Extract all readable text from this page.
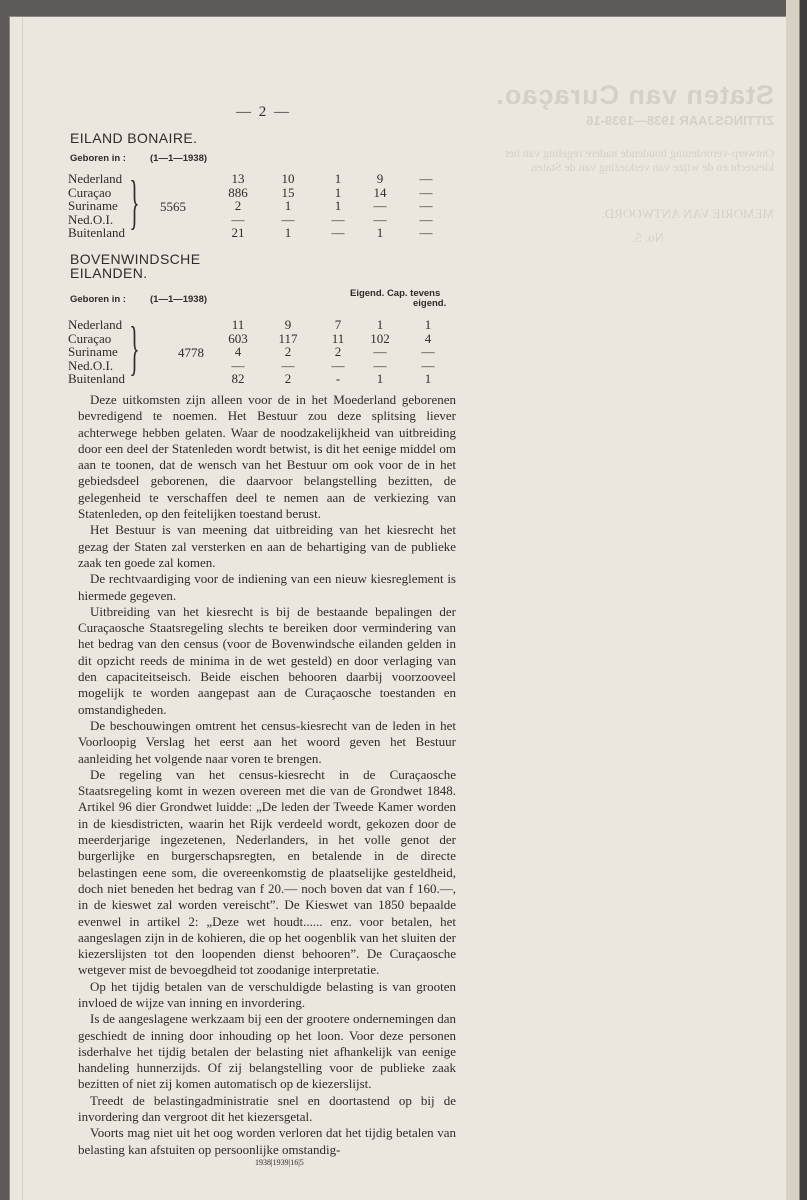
Staten van Curaçao.
ZITTINGSJAAR 1938—1939-16
Ontwerp-verordening houdende nadere regeling van het kiesrecht en de wijze van verkiezing van de Staten
MEMORIE VAN ANTWOORD.
No. 5.
— 2 —
EILAND BONAIRE.
Geboren in :	(1—1—1938)
Nederland	13	10	1	9	—
Curaçao	886	15	1	14	—
Suriname	2	1	1	—	—
Ned.O.I.	—	—	—	—	—
Buitenland	21	1	—	1	—
} 5565
BOVENWINDSCHE
EILANDEN.
Eigend. Cap. tevens
eigend.
Geboren in :	(1—1—1938)
Nederland	11	9	7	1	1
Curaçao	603	117	11	102	4
Suriname	4	2	2	—	—
Ned.O.I.	—	—	—	—	—
Buitenland	82	2	-	1	1
}	4778

Deze uitkomsten zijn alleen voor de in het Moederland geborenen bevredigend te noemen. Het Bestuur zou deze splitsing liever achterwege hebben gelaten. Waar de noodzakelijkheid van uitbreiding door een deel der Statenleden wordt betwist, is dit het eenige middel om aan te toonen, dat de wensch van het Bestuur om ook voor de in het gebiedsdeel geborenen, die daarvoor belangstelling bezitten, de gelegenheid te verschaffen deel te nemen aan de verkiezing van Statenleden, op den feitelijken toestand berust.

Het Bestuur is van meening dat uitbreiding van het kiesrecht het gezag der Staten zal versterken en aan de behartiging van de publieke zaak ten goede zal komen.

De rechtvaardiging voor de indiening van een nieuw kiesreglement is hiermede gegeven.

Uitbreiding van het kiesrecht is bij de bestaande bepalingen der Curaçaosche Staatsregeling slechts te bereiken door vermindering van het bedrag van den census (voor de Bovenwindsche eilanden gelden in dit opzicht reeds de minima in de wet gesteld) en door verlaging van den capaciteitseisch. Beide eischen behooren daarbij voorzooveel mogelijk te worden aangepast aan de Curaçaosche toestanden en omstandigheden.

De beschouwingen omtrent het census-kiesrecht van de leden in het Voorloopig Verslag het eerst aan het woord geven het Bestuur aanleiding het volgende naar voren te brengen.

De regeling van het census-kiesrecht in de Curaçaosche Staatsregeling komt in wezen overeen met die van de Grondwet 1848. Artikel 96 dier Grondwet luidde: „De leden der Tweede Kamer worden in de kiesdistricten, waarin het Rijk verdeeld wordt, gekozen door de meerderjarige ingezetenen, Nederlanders, in het volle genot der burgerlijke en burgerschapsregten, en betalende in de directe belastingen eene som, die overeenkomstig de plaatselijke gesteldheid, doch niet beneden het bedrag van f 20.— noch boven dat van f 160.—, in de kieswet zal worden vereischt”. De Kieswet van 1850 bepaalde evenwel in artikel 2: „Deze wet houdt...... enz. voor betalen, het aangeslagen zijn in de kohieren, die op het oogenblik van het sluiten der kiezerslijsten tot den loopenden dienst behooren”. De Curaçaosche wetgever mist de bevoegdheid tot zoodanige interpretatie.

Op het tijdig betalen van de verschuldigde belasting is van grooten invloed de wijze van inning en invordering.

Is de aangeslagene werkzaam bij een der grootere ondernemingen dan geschiedt de inning door inhouding op het loon. Voor deze personen isderhalve het tijdig betalen der belasting niet afhankelijk van eenige handeling hunnerzijds. Of zij belangstelling voor de publieke zaak bezitten of niet zij komen automatisch op de kiezerslijst.

Treedt de belastingadministratie snel en doortastend op bij de invordering dan vergroot dit het kiezersgetal.

Voorts mag niet uit het oog worden verloren dat het tijdig betalen van belasting kan afstuiten op persoonlijke omstandig-

1938|1939|16|5
